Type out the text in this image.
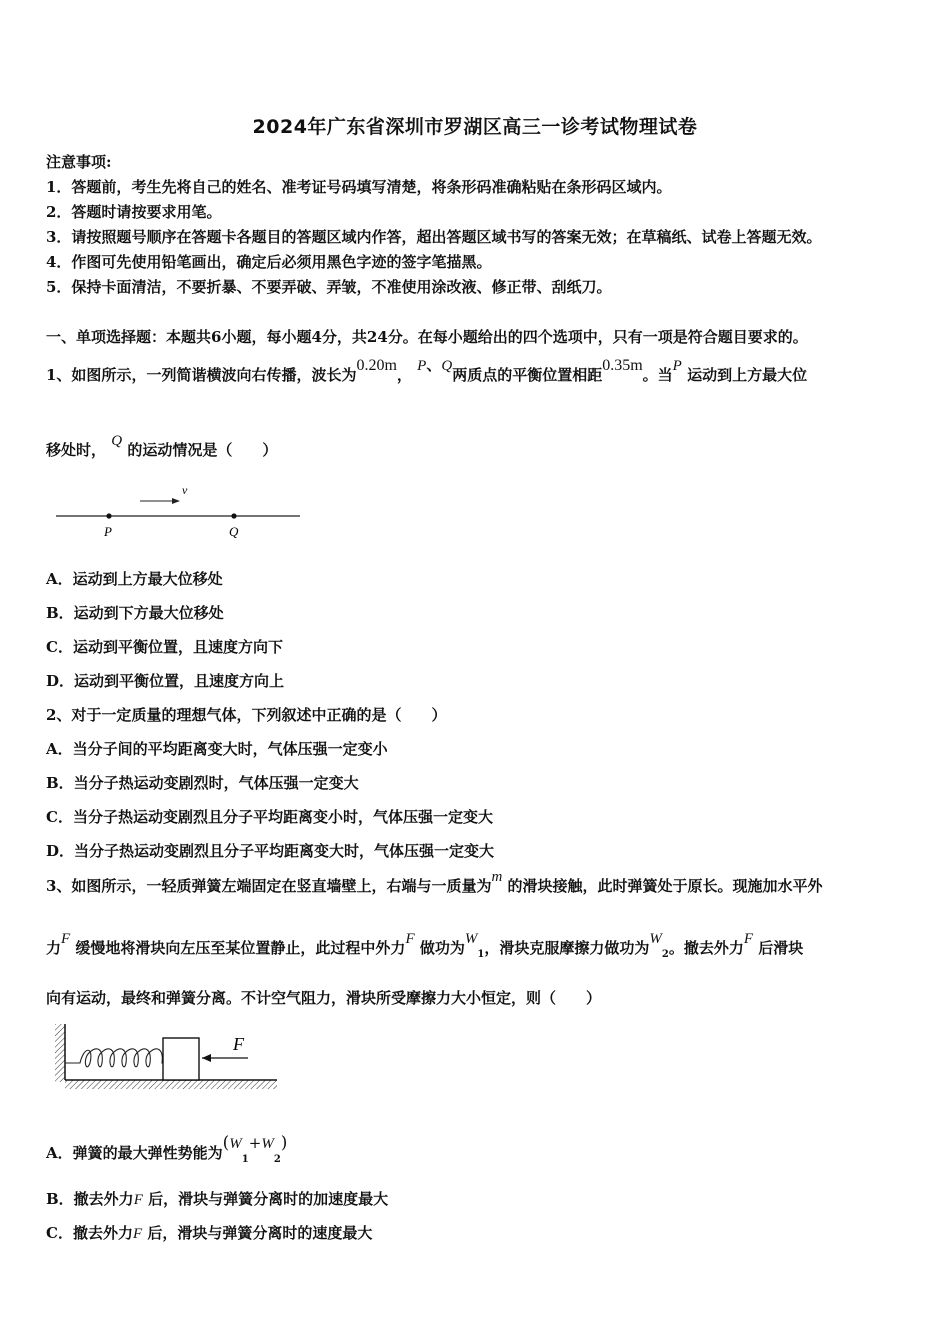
2024年广东省深圳市罗湖区高三一诊考试物理试卷
注意事项:
1．答题前，考生先将自己的姓名、准考证号码填写清楚，将条形码准确粘贴在条形码区域内。
2．答题时请按要求用笔。
3．请按照题号顺序在答题卡各题目的答题区域内作答，超出答题区域书写的答案无效；在草稿纸、试卷上答题无效。
4．作图可先使用铅笔画出，确定后必须用黑色字迹的签字笔描黑。
5．保持卡面清洁，不要折暴、不要弄破、弄皱，不准使用涂改液、修正带、刮纸刀。
一、单项选择题：本题共6小题，每小题4分，共24分。在每小题给出的四个选项中，只有一项是符合题目要求的。
1、如图所示，一列简谐横波向右传播，波长为0.20m， P、Q两质点的平衡位置相距0.35m。当P 运动到上方最大位
移处时， Q 的运动情况是（　　）
v
P	Q
A．运动到上方最大位移处
B．运动到下方最大位移处
C．运动到平衡位置，且速度方向下
D．运动到平衡位置，且速度方向上
2、对于一定质量的理想气体，下列叙述中正确的是（　　）
A．当分子间的平均距离变大时，气体压强一定变小
B．当分子热运动变剧烈时，气体压强一定变大
C．当分子热运动变剧烈且分子平均距离变小时，气体压强一定变大
D．当分子热运动变剧烈且分子平均距离变大时，气体压强一定变大
3、如图所示，一轻质弹簧左端固定在竖直墙壁上，右端与一质量为m 的滑块接触，此时弹簧处于原长。现施加水平外
力F 缓慢地将滑块向左压至某位置静止，此过程中外力F 做功为$W_1$，滑块克服摩擦力做功为$W_2$。撤去外力F 后滑块
向有运动，最终和弹簧分离。不计空气阻力，滑块所受摩擦力大小恒定，则（　　）
F
A．弹簧的最大弹性势能为$(W_1+W_2)$
B．撤去外力F 后，滑块与弹簧分离时的加速度最大
C．撤去外力F 后，滑块与弹簧分离时的速度最大
